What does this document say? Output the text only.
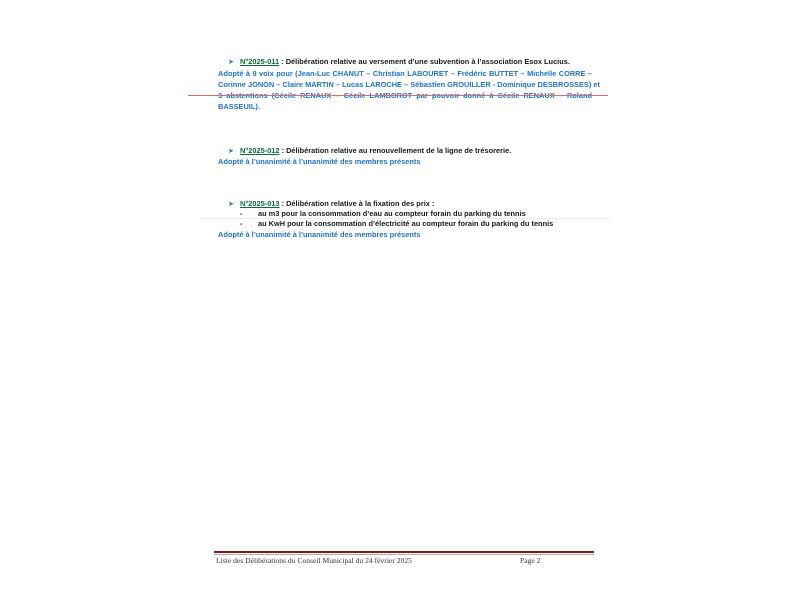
➤ N°2025-011 : Délibération relative au versement d’une subvention à l’association Esox Lucius.
Adopté à 9 voix pour (Jean-Luc CHANUT – Christian LABOURET – Frédéric BUTTET – Michelle CORRE –
Corinne JONON – Claire MARTIN – Lucas LAROCHE – Sébastien GROUILLER - Dominique DESBROSSES) et
3 abstentions (Cécile RENAUX – Cécile LAMBOROT par pouvoir donné à Cécile RENAUX – Roland
BASSEUIL).
➤ N°2025-012 : Délibération relative au renouvellement de la ligne de trésorerie.
Adopté à l’unanimité à l’unanimité des membres présents
➤ N°2025-013 : Délibération relative à la fixation des prix :
- au m3 pour la consommation d’eau au compteur forain du parking du tennis
- au KwH pour la consommation d’électricité au compteur forain du parking du tennis
Adopté à l’unanimité à l’unanimité des membres présents
Liste des Délibérations du Conseil Municipal du 24 février 2025	Page 2
